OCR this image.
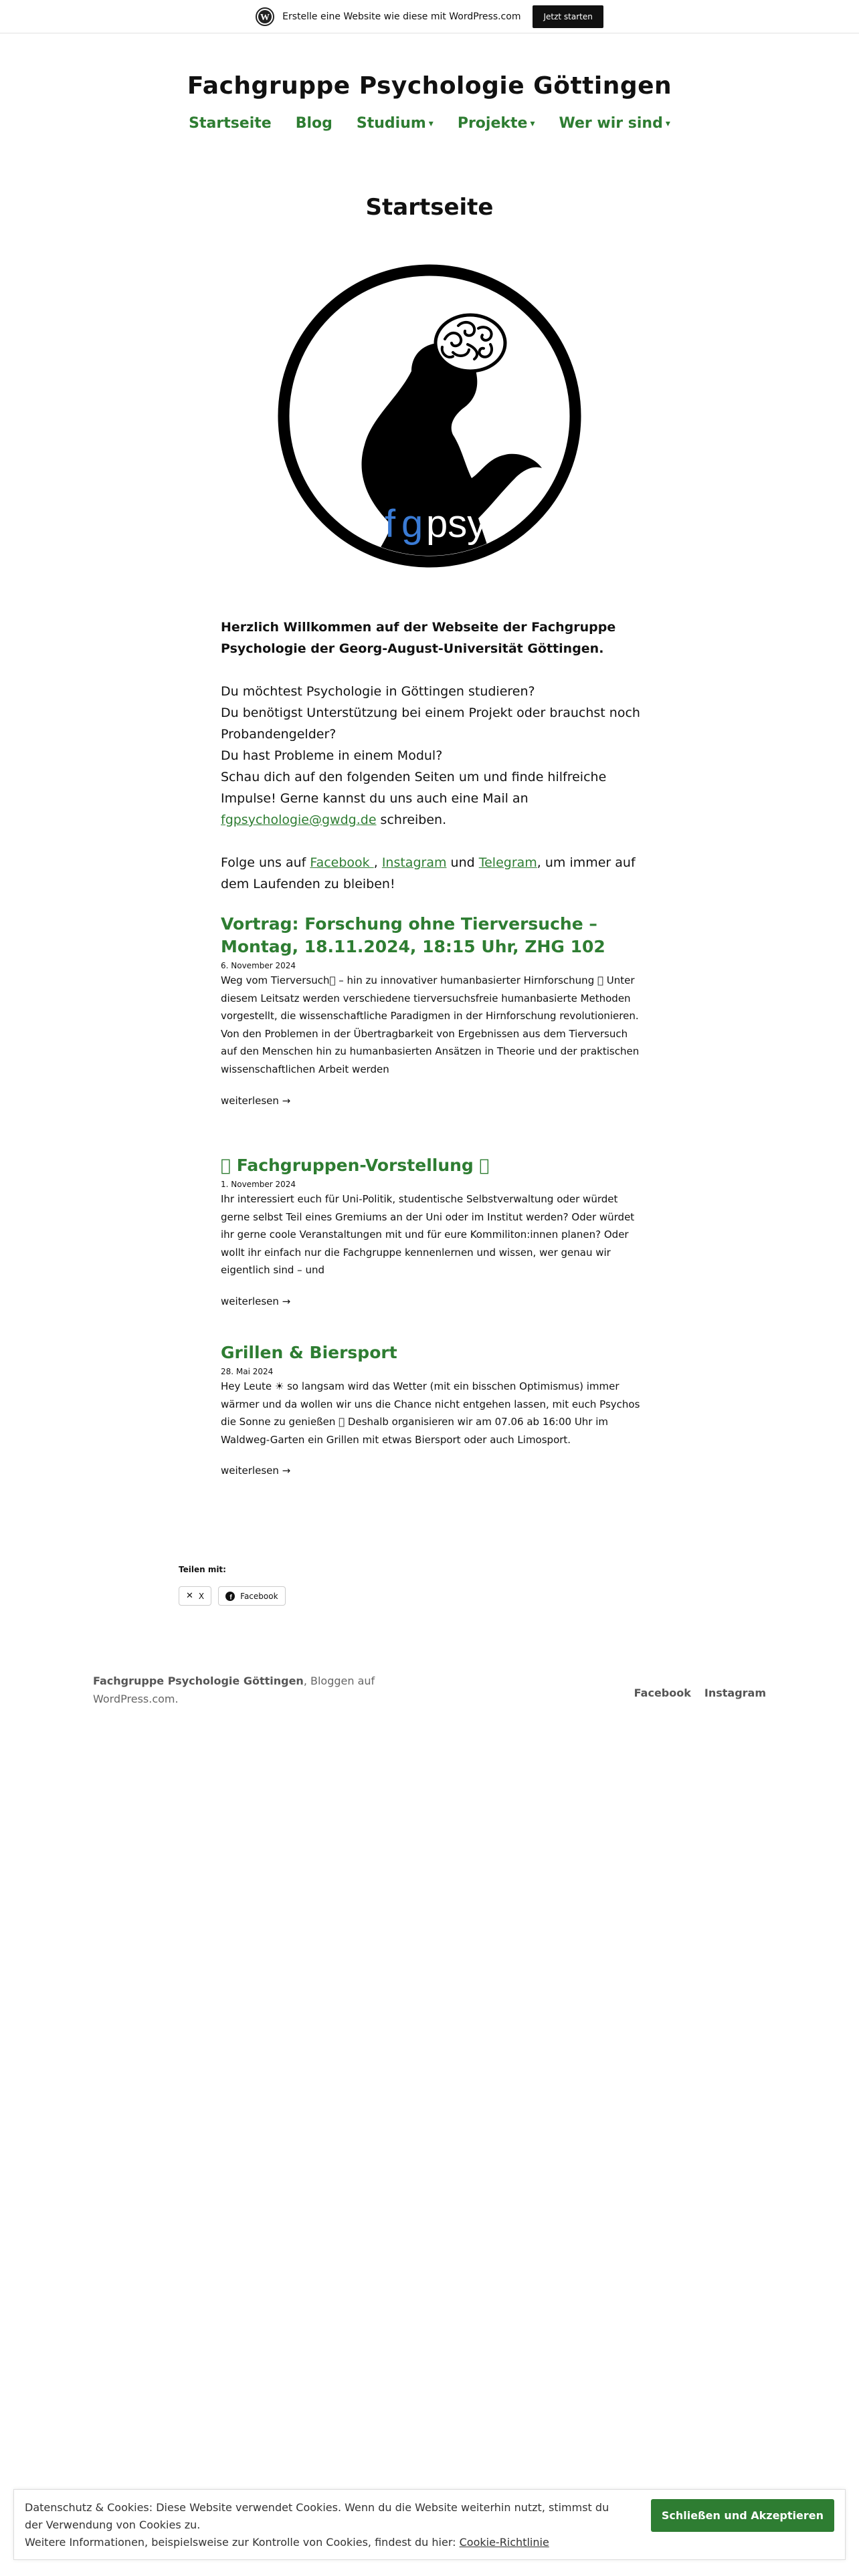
W Erstelle eine Website wie diese mit WordPress.com	Jetzt starten
Fachgruppe Psychologie Göttingen
Startseite Blog Studium ▾ Projekte ▾ Wer wir sind ▾
Startseite
f g psy

Herzlich Willkommen auf der Webseite der Fachgruppe Psychologie der Georg-August-Universität Göttingen.

Du möchtest Psychologie in Göttingen studieren?
Du benötigst Unterstützung bei einem Projekt oder brauchst noch Probandengelder?
Du hast Probleme in einem Modul?
Schau dich auf den folgenden Seiten um und finde hilfreiche Impulse! Gerne kannst du uns auch eine Mail an fgpsychologie@gwdg.de schreiben.

Folge uns auf Facebook , Instagram und Telegram, um immer auf dem Laufenden zu bleiben!

Vortrag: Forschung ohne Tierversuche – Montag, 18.11.2024, 18:15 Uhr, ZHG 102
6. November 2024
Weg vom Tierversuch􏿾 – hin zu innovativer humanbasierter Hirnforschung 􏿾 Unter diesem Leitsatz werden verschiedene tierversuchsfreie humanbasierte Methoden vorgestellt, die wissenschaftliche Paradigmen in der Hirnforschung revolutionieren. Von den Problemen in der Übertragbarkeit von Ergebnissen aus dem Tierversuch auf den Menschen hin zu humanbasierten Ansätzen in Theorie und der praktischen wissenschaftlichen Arbeit werden
weiterlesen →
􏿾 Fachgruppen-Vorstellung 􏿾
1. November 2024
Ihr interessiert euch für Uni-Politik, studentische Selbstverwaltung oder würdet gerne selbst Teil eines Gremiums an der Uni oder im Institut werden? Oder würdet ihr gerne coole Veranstaltungen mit und für eure Kommiliton:innen planen? Oder wollt ihr einfach nur die Fachgruppe kennenlernen und wissen, wer genau wir eigentlich sind – und
weiterlesen →
Grillen & Biersport
28. Mai 2024
Hey Leute ☀ so langsam wird das Wetter (mit ein bisschen Optimismus) immer wärmer und da wollen wir uns die Chance nicht entgehen lassen, mit euch Psychos die Sonne zu genießen 􏿾 Deshalb organisieren wir am 07.06 ab 16:00 Uhr im Waldweg-Garten ein Grillen mit etwas Biersport oder auch Limosport.
weiterlesen →
Teilen mit:
✕ X	f Facebook
Fachgruppe Psychologie Göttingen, Bloggen auf WordPress.com.	Facebook Instagram
Datenschutz & Cookies: Diese Website verwendet Cookies. Wenn du die Website weiterhin nutzt, stimmst du der Verwendung von Cookies zu.
Weitere Informationen, beispielsweise zur Kontrolle von Cookies, findest du hier: Cookie-Richtlinie
Schließen und Akzeptieren
